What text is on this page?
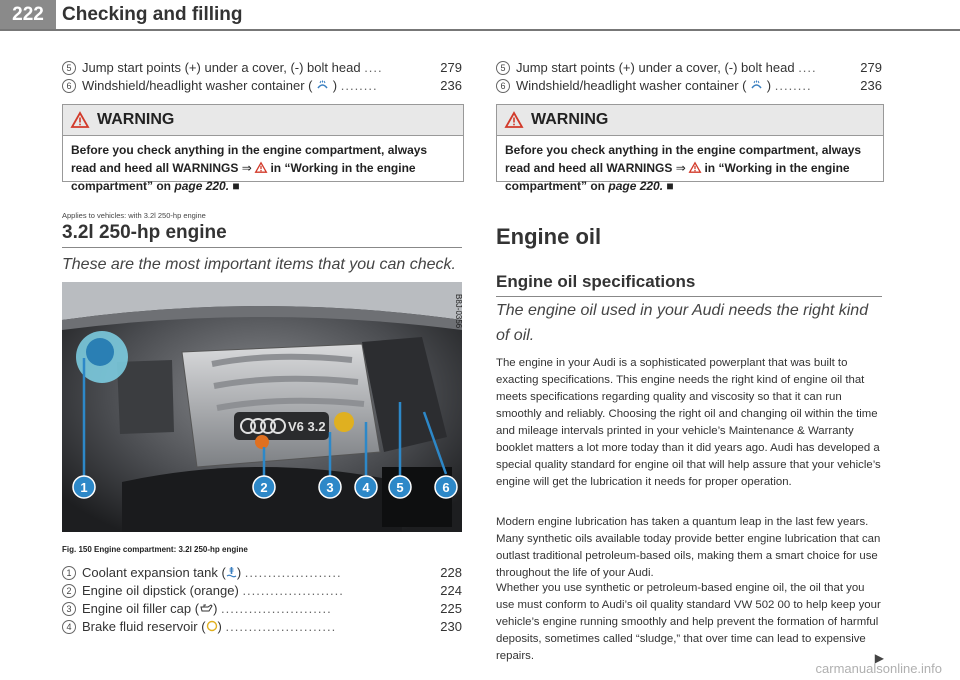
222 Checking and filling
5 Jump start points (+) under a cover, (-) bolt head ....	279
6 Windshield/headlight washer container ( ) ........	236
WARNING
Before you check anything in the engine compartment, always read and heed all WARNINGS ⇒ in “Working in the engine compartment” on page 220. ■
Applies to vehicles: with 3.2l 250-hp engine
3.2l 250-hp engine
These are the most important items that you can check.
V6 3.2
1	2	3 4 5	6
B8J-0356
Fig. 150 Engine compartment: 3.2l 250-hp engine
1 Coolant expansion tank ( ) .....................	228
2 Engine oil dipstick (orange) ......................	224
3 Engine oil filler cap ( ) ........................	225
4 Brake fluid reservoir ( ) ........................	230
5 Jump start points (+) under a cover, (-) bolt head ....	279
6 Windshield/headlight washer container ( ) ........	236
WARNING
Before you check anything in the engine compartment, always read and heed all WARNINGS ⇒ in “Working in the engine compartment” on page 220. ■
Engine oil
Engine oil specifications
The engine oil used in your Audi needs the right kind of oil.
The engine in your Audi is a sophisticated powerplant that was built to exacting specifications. This engine needs the right kind of engine oil that meets specifications regarding quality and viscosity so that it can run smoothly and reliably. Choosing the right oil and changing oil within the time and mileage intervals printed in your vehicle’s Maintenance & Warranty booklet matters a lot more today than it did years ago. Audi has developed a special quality standard for engine oil that will help assure that your vehicle’s engine will get the lubrication it needs for proper operation.
Modern engine lubrication has taken a quantum leap in the last few years. Many synthetic oils available today provide better engine lubrication that can outlast traditional petroleum-based oils, making them a smart choice for use throughout the life of your Audi.
Whether you use synthetic or petroleum-based engine oil, the oil that you use must conform to Audi’s oil quality standard VW 502 00 to help keep your vehicle’s engine running smoothly and help prevent the formation of harmful deposits, sometimes called “sludge,” that over time can lead to expensive repairs.	▶
carmanualsonline.info
